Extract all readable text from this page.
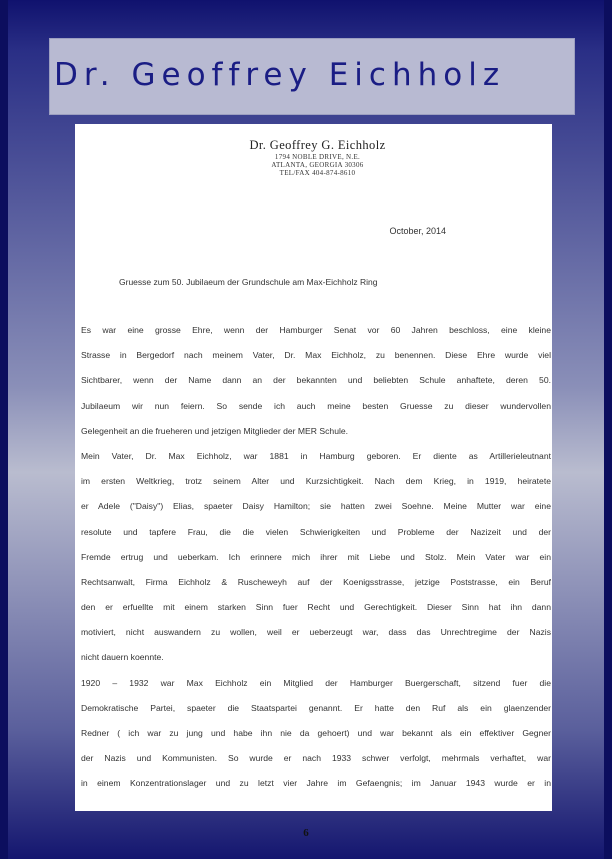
Dr. Geoffrey Eichholz
Dr. Geoffrey G. Eichholz
1794 NOBLE DRIVE, N.E.
ATLANTA, GEORGIA 30306
TEL/FAX 404-874-8610
October, 2014
Gruesse zum 50. Jubilaeum der Grundschule am Max-Eichholz Ring
Es war eine grosse Ehre, wenn der Hamburger Senat vor 60 Jahren beschloss, eine kleine
Strasse in Bergedorf nach meinem Vater, Dr. Max Eichholz, zu benennen. Diese Ehre wurde viel
Sichtbarer, wenn der Name dann an der bekannten und beliebten Schule anhaftete, deren 50.
Jubilaeum wir nun feiern. So sende ich auch meine besten Gruesse zu dieser wundervollen
Gelegenheit an die frueheren und jetzigen Mitglieder der MER Schule.
Mein Vater, Dr. Max Eichholz, war 1881 in Hamburg geboren. Er diente as Artillerieleutnant
im ersten Weltkrieg, trotz seinem Alter und Kurzsichtigkeit. Nach dem Krieg, in 1919, heiratete
er Adele ("Daisy") Elias, spaeter Daisy Hamilton; sie hatten zwei Soehne. Meine Mutter war eine
resolute und tapfere Frau, die die vielen Schwierigkeiten und Probleme der Nazizeit und der
Fremde ertrug und ueberkam. Ich erinnere mich ihrer mit Liebe und Stolz. Mein Vater war ein
Rechtsanwalt, Firma Eichholz & Ruscheweyh auf der Koenigsstrasse, jetzige Poststrasse, ein Beruf
den er erfuellte mit einem starken Sinn fuer Recht und Gerechtigkeit. Dieser Sinn hat ihn dann
motiviert, nicht auswandern zu wollen, weil er ueberzeugt war, dass das Unrechtregime der Nazis
nicht dauern koennte.
1920 – 1932 war Max Eichholz ein Mitglied der Hamburger Buergerschaft, sitzend fuer die
Demokratische Partei, spaeter die Staatspartei genannt. Er hatte den Ruf als ein glaenzender
Redner ( ich war zu jung und habe ihn nie da gehoert) und war bekannt als ein effektiver Gegner
der Nazis und Kommunisten. So wurde er nach 1933 schwer verfolgt, mehrmals verhaftet, war
in einem Konzentrationslager und zu letzt vier Jahre im Gefaengnis; im Januar 1943 wurde er in
6
